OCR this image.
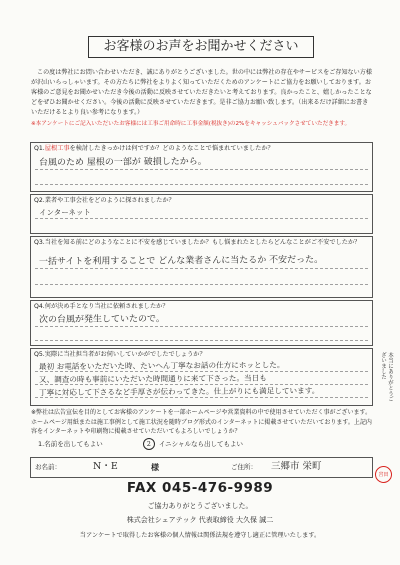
お客様のお声をお聞かせください
この度は弊社にお問い合わせいただき、誠にありがとうございました。世の中には弊社の存在やサービスをご存知ない方様が沢山いらっしゃいます。その方たちに弊社をよりよく知っていただくためのアンケートにご協力をお願いしております。お客様のご意見をお聞かせいただき今後の活動に反映させていただきたいと考えております。良かったこと、嬉しかったことなどをぜひお聞かせください。今後の活動に反映させていただきます。是非ご協力お願い致します。（出来るだけ詳細にお書きいただけるとより良い参考になります。）
※本アンケートにご記入いただいたお客様には工事ご用命時に工事金額(税抜き)の2%をキャッシュバックさせていただきます。
Q1.屋根工事を検討したきっかけは何ですか？どのようなことで悩まれていましたか？
台風のため 屋根の一部が 破損したから。
Q2.業者や工事会社をどのように探されましたか？
インターネット
Q3.当社を知る前にどのようなことに不安を感じていましたか？もし悩まれたとしたらどんなことがご不安でしたか？
一括サイトを利用することで どんな業者さんに当たるか 不安だった。
Q4.何が決め手となり当社に依頼されましたか？
次の台風が発生していたので。
Q5.実際に当社担当者がお伺いしていかがでしたでしょうか？
最初 お電話をいただいた時、たいへん丁寧なお話の仕方にホッとした。
又、調査の時も事前にいただいた時間通りに来て下さった。当日も
丁寧に対応して下さるなど手厚さが伝わってきた。仕上がりにも満足しています。	本当にありがとうございました
※弊社は広告宣伝を目的としてお客様のアンケートを一部ホームページや営業資料の中で使用させていただく事がございます。ホームページ用紙または施工事例として施工状況を随時ブログ形式のインターネットに掲載させていただいております。上記内容をインターネットや印刷物に掲載させていただいてもよろしいでしょうか？
1.名前を出してもよい	2 イニシャルなら出してもよい
お名前：	N・E	様	ご住所： 三郷市 栄町
宮田
FAX 045-476-9989
ご協力ありがとうございました。
株式会社シェアテック 代表取締役 大久保 誠二
当アンケートで取得したお客様の個人情報は関係法規を遵守し適正に管理いたします。
